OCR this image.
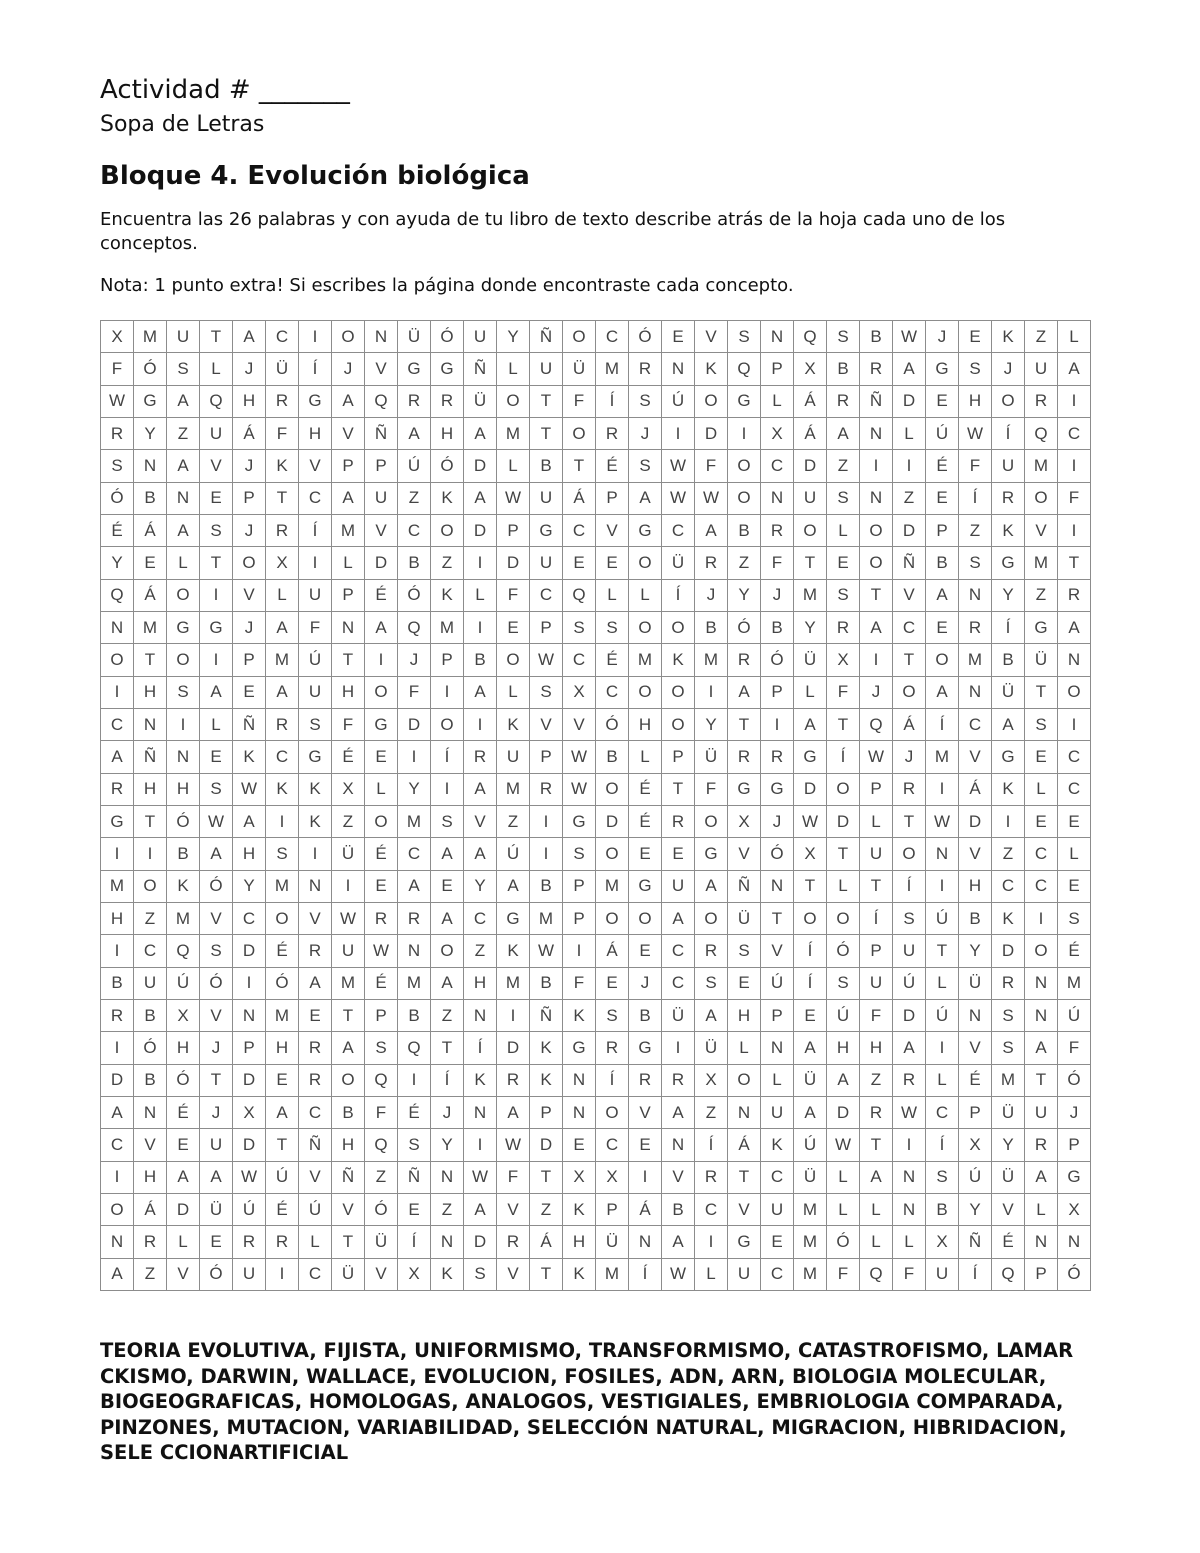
Actividad # _______

Sopa de Letras

Bloque 4. Evolución biológica

Encuentra las 26 palabras y con ayuda de tu libro de texto describe atrás de la hoja cada uno de los conceptos.

Nota: 1 punto extra! Si escribes la página donde encontraste cada concepto.

X	M	U	T	A	C	I	O	N	Ü	Ó	U	Y	Ñ	O	C	Ó	E	V	S	N	Q	S	B	W	J	E	K	Z	L
F	Ó	S	L	J	Ü	Í	J	V	G	G	Ñ	L	U	Ü	M	R	N	K	Q	P	X	B	R	A	G	S	J	U	A
W	G	A	Q	H	R	G	A	Q	R	R	Ü	O	T	F	Í	S	Ú	O	G	L	Á	R	Ñ	D	E	H	O	R	I
R	Y	Z	U	Á	F	H	V	Ñ	A	H	A	M	T	O	R	J	I	D	I	X	Á	A	N	L	Ú	W	Í	Q	C
S	N	A	V	J	K	V	P	P	Ú	Ó	D	L	B	T	É	S	W	F	O	C	D	Z	I	I	É	F	U	M	I
Ó	B	N	E	P	T	C	A	U	Z	K	A	W	U	Á	P	A	W	W	O	N	U	S	N	Z	E	Í	R	O	F
É	Á	A	S	J	R	Í	M	V	C	O	D	P	G	C	V	G	C	A	B	R	O	L	O	D	P	Z	K	V	I
Y	E	L	T	O	X	I	L	D	B	Z	I	D	U	E	E	O	Ü	R	Z	F	T	E	O	Ñ	B	S	G	M	T
Q	Á	O	I	V	L	U	P	É	Ó	K	L	F	C	Q	L	L	Í	J	Y	J	M	S	T	V	A	N	Y	Z	R
N	M	G	G	J	A	F	N	A	Q	M	I	E	P	S	S	O	O	B	Ó	B	Y	R	A	C	E	R	Í	G	A
O	T	O	I	P	M	Ú	T	I	J	P	B	O	W	C	É	M	K	M	R	Ó	Ü	X	I	T	O	M	B	Ü	N
I	H	S	A	E	A	U	H	O	F	I	A	L	S	X	C	O	O	I	A	P	L	F	J	O	A	N	Ü	T	O
C	N	I	L	Ñ	R	S	F	G	D	O	I	K	V	V	Ó	H	O	Y	T	I	A	T	Q	Á	Í	C	A	S	I
A	Ñ	N	E	K	C	G	É	E	I	Í	R	U	P	W	B	L	P	Ü	R	R	G	Í	W	J	M	V	G	E	C
R	H	H	S	W	K	K	X	L	Y	I	A	M	R	W	O	É	T	F	G	G	D	O	P	R	I	Á	K	L	C
G	T	Ó	W	A	I	K	Z	O	M	S	V	Z	I	G	D	É	R	O	X	J	W	D	L	T	W	D	I	E	E
I	I	B	A	H	S	I	Ü	É	C	A	A	Ú	I	S	O	E	E	G	V	Ó	X	T	U	O	N	V	Z	C	L
M	O	K	Ó	Y	M	N	I	E	A	E	Y	A	B	P	M	G	U	A	Ñ	N	T	L	T	Í	I	H	C	C	E
H	Z	M	V	C	O	V	W	R	R	A	C	G	M	P	O	O	A	O	Ü	T	O	O	Í	S	Ú	B	K	I	S
I	C	Q	S	D	É	R	U	W	N	O	Z	K	W	I	Á	E	C	R	S	V	Í	Ó	P	U	T	Y	D	O	É
B	U	Ú	Ó	I	Ó	A	M	É	M	A	H	M	B	F	E	J	C	S	E	Ú	Í	S	U	Ú	L	Ü	R	N	M
R	B	X	V	N	M	E	T	P	B	Z	N	I	Ñ	K	S	B	Ü	A	H	P	E	Ú	F	D	Ú	N	S	N	Ú
I	Ó	H	J	P	H	R	A	S	Q	T	Í	D	K	G	R	G	I	Ü	L	N	A	H	H	A	I	V	S	A	F
D	B	Ó	T	D	E	R	O	Q	I	Í	K	R	K	N	Í	R	R	X	O	L	Ü	A	Z	R	L	É	M	T	Ó
A	N	É	J	X	A	C	B	F	É	J	N	A	P	N	O	V	A	Z	N	U	A	D	R	W	C	P	Ü	U	J
C	V	E	U	D	T	Ñ	H	Q	S	Y	I	W	D	E	C	E	N	Í	Á	K	Ú	W	T	I	Í	X	Y	R	P
I	H	A	A	W	Ú	V	Ñ	Z	Ñ	N	W	F	T	X	X	I	V	R	T	C	Ü	L	A	N	S	Ú	Ü	A	G
O	Á	D	Ü	Ú	É	Ú	V	Ó	E	Z	A	V	Z	K	P	Á	B	C	V	U	M	L	L	N	B	Y	V	L	X
N	R	L	E	R	R	L	T	Ü	Í	N	D	R	Á	H	Ü	N	A	I	G	E	M	Ó	L	L	X	Ñ	É	N	N
A	Z	V	Ó	U	I	C	Ü	V	X	K	S	V	T	K	M	Í	W	L	U	C	M	F	Q	F	U	Í	Q	P	Ó

TEORIA EVOLUTIVA, FIJISTA, UNIFORMISMO, TRANSFORMISMO, CATASTROFISMO, LAMAR CKISMO, DARWIN, WALLACE, EVOLUCION, FOSILES, ADN, ARN, BIOLOGIA MOLECULAR, BIOGEOGRAFICAS, HOMOLOGAS, ANALOGOS, VESTIGIALES, EMBRIOLOGIA COMPARADA, PINZONES, MUTACION, VARIABILIDAD, SELECCIÓN NATURAL, MIGRACION, HIBRIDACION, SELE CCIONARTIFICIAL
